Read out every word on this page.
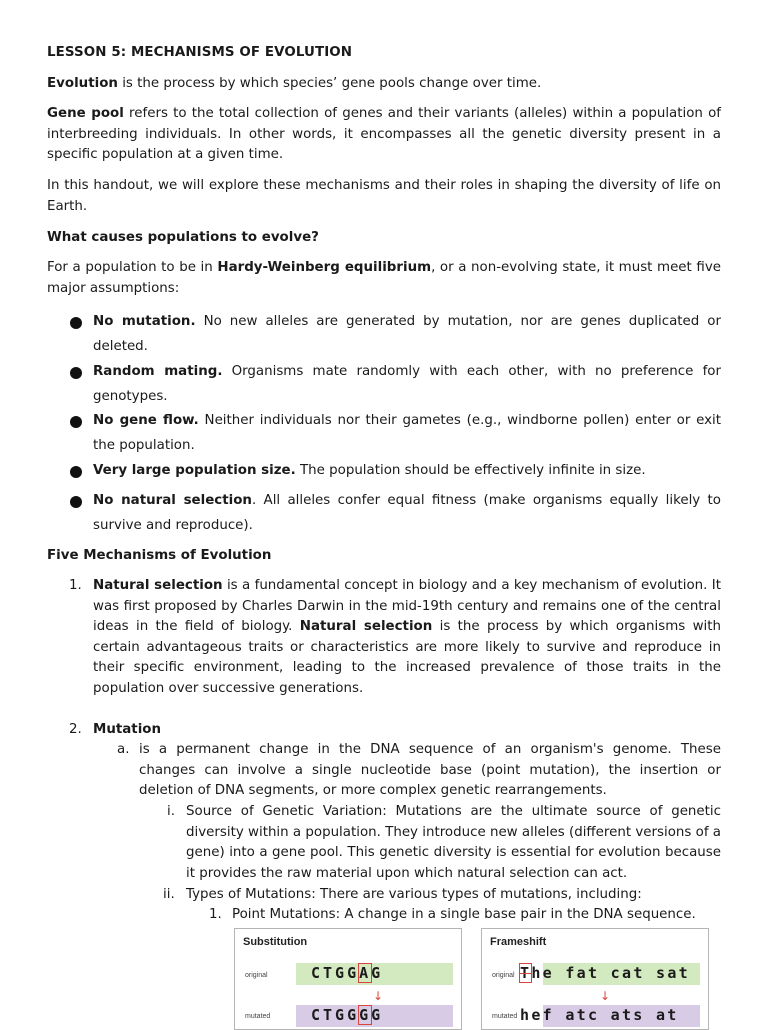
LESSON 5: MECHANISMS OF EVOLUTION
Evolution is the process by which species’ gene pools change over time.
Gene pool refers to the total collection of genes and their variants (alleles) within a population of interbreeding individuals. In other words, it encompasses all the genetic diversity present in a specific population at a given time.
In this handout, we will explore these mechanisms and their roles in shaping the diversity of life on Earth.
What causes populations to evolve?
For a population to be in Hardy-Weinberg equilibrium, or a non-evolving state, it must meet five major assumptions:
No mutation. No new alleles are generated by mutation, nor are genes duplicated or deleted.
Random mating. Organisms mate randomly with each other, with no preference for genotypes.
No gene flow. Neither individuals nor their gametes (e.g., windborne pollen) enter or exit the population.
Very large population size. The population should be effectively infinite in size.
No natural selection. All alleles confer equal fitness (make organisms equally likely to survive and reproduce).
Five Mechanisms of Evolution
1. Natural selection is a fundamental concept in biology and a key mechanism of evolution. It was first proposed by Charles Darwin in the mid-19th century and remains one of the central ideas in the field of biology. Natural selection is the process by which organisms with certain advantageous traits or characteristics are more likely to survive and reproduce in their specific environment, leading to the increased prevalence of those traits in the population over successive generations.
2. Mutation
a. is a permanent change in the DNA sequence of an organism's genome. These changes can involve a single nucleotide base (point mutation), the insertion or deletion of DNA segments, or more complex genetic rearrangements.
i. Source of Genetic Variation: Mutations are the ultimate source of genetic diversity within a population. They introduce new alleles (different versions of a gene) into a gene pool. This genetic diversity is essential for evolution because it provides the raw material upon which natural selection can act.
ii. Types of Mutations: There are various types of mutations, including:
1. Point Mutations: A change in a single base pair in the DNA sequence.
Substitution
original	CTGGAG
↓
mutated	CTGGGG
Frameshift
original The fat cat sat
↓
mutated hef atc ats at
